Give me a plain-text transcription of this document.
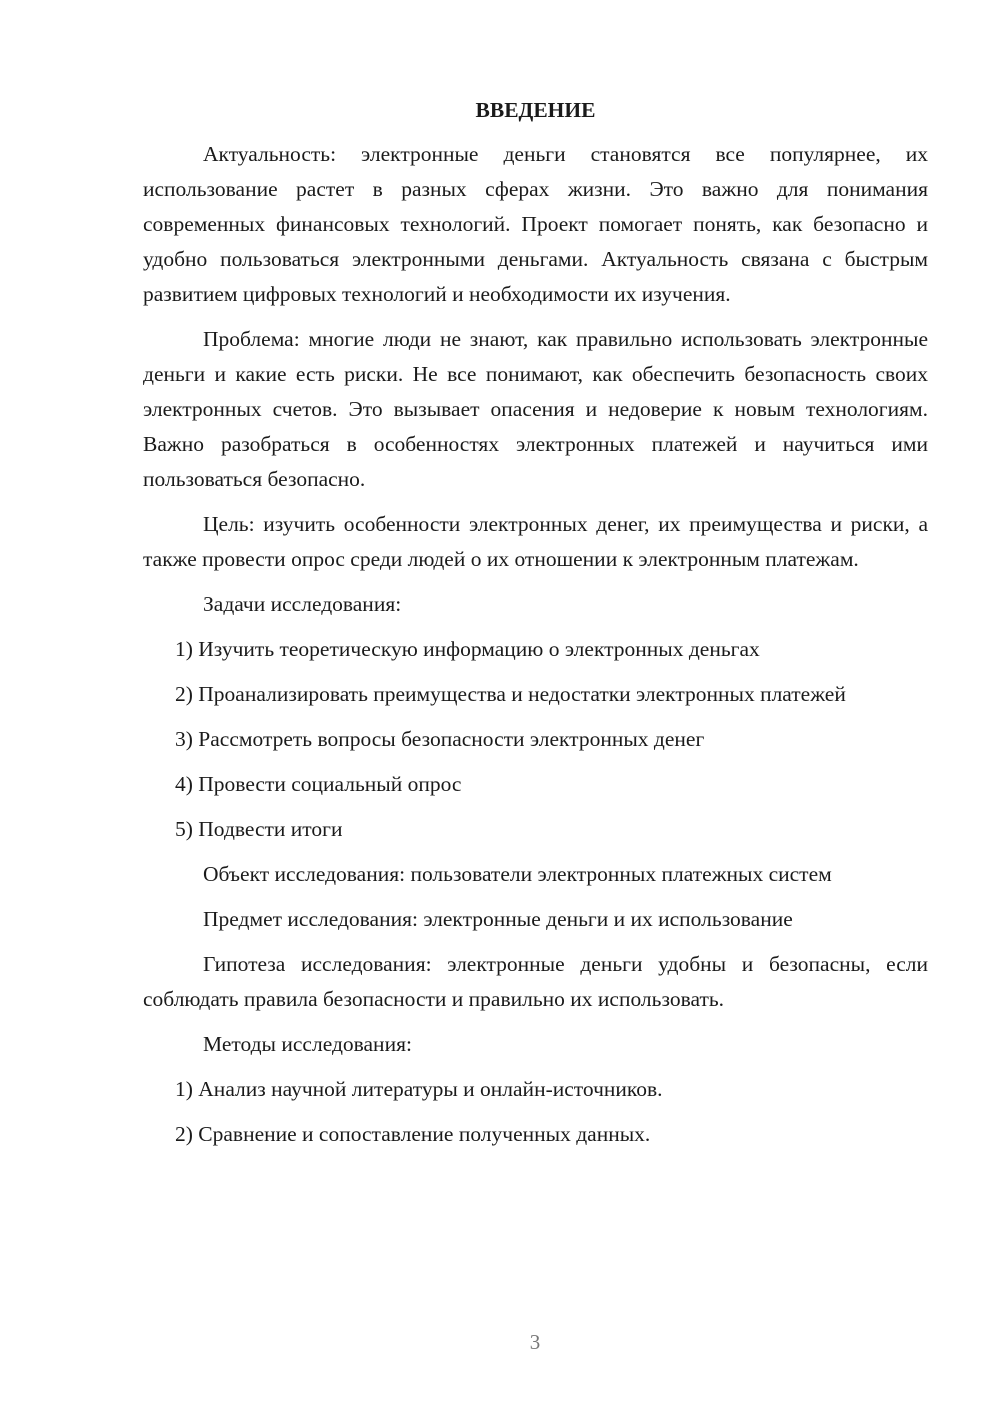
ВВЕДЕНИЕ

Актуальность: электронные деньги становятся все популярнее, их использование растет в разных сферах жизни. Это важно для понимания современных финансовых технологий. Проект помогает понять, как безопасно и удобно пользоваться электронными деньгами. Актуальность связана с быстрым развитием цифровых технологий и необходимости их изучения.

Проблема: многие люди не знают, как правильно использовать электронные деньги и какие есть риски. Не все понимают, как обеспечить безопасность своих электронных счетов. Это вызывает опасения и недоверие к новым технологиям. Важно разобраться в особенностях электронных платежей и научиться ими пользоваться безопасно.

Цель: изучить особенности электронных денег, их преимущества и риски, а также провести опрос среди людей о их отношении к электронным платежам.

Задачи исследования:

1) Изучить теоретическую информацию о электронных деньгах

2) Проанализировать преимущества и недостатки электронных платежей

3) Рассмотреть вопросы безопасности электронных денег

4) Провести социальный опрос

5) Подвести итоги

Объект исследования: пользователи электронных платежных систем

Предмет исследования: электронные деньги и их использование

Гипотеза исследования: электронные деньги удобны и безопасны, если соблюдать правила безопасности и правильно их использовать.

Методы исследования:

1) Анализ научной литературы и онлайн-источников.

2) Сравнение и сопоставление полученных данных.

3
